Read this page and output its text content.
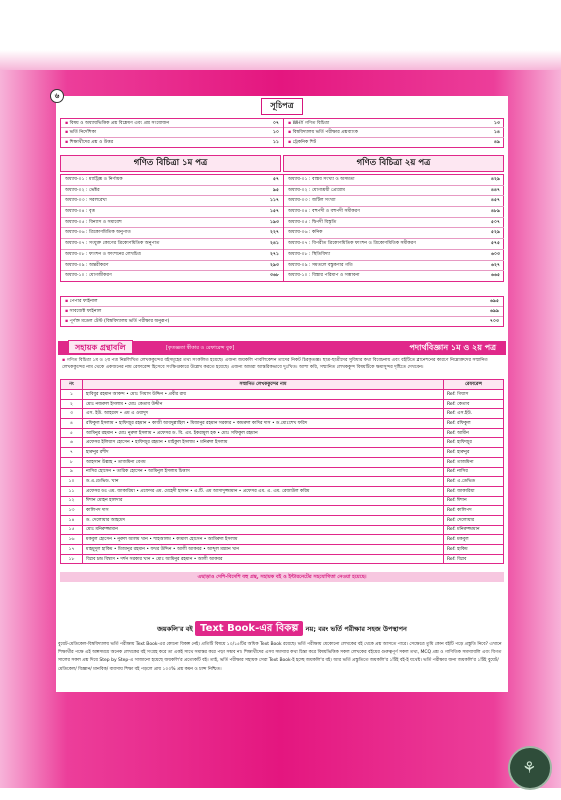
৬
সূচিপত্র
▪ বিষয় ও অধ্যায়ভিত্তিক প্রশ্ন বিশ্লেষণ এবং প্রশ্ন সংযোজন	০৭
▪ ভর্তি নির্দেশিকা	১০
▪ শিক্ষার্থীদের প্রশ্ন ও উত্তর	১১
▪ WHY গণিত বিচিত্রা	১৩
▪ বিশ্ববিদ্যালয় ভর্তি পরীক্ষার প্রশ্নব্যাংক	১৪
▪ ট্রেকনিক শিট	৪৯
গণিত বিচিত্রা ১ম পত্র	গণিত বিচিত্রা ২য় পত্র
অধ্যায়-০১ : ম্যাট্রিক্স ও নির্ণায়ক	৫৭
অধ্যায়-০২ : ভেক্টর	৯৫
অধ্যায়-০৩ : সরলরেখা	১১৭
অধ্যায়-০৪ : বৃত্ত	১৫৭
অধ্যায়-০৫ : বিন্যাস ও সমাবেশ	১৯৩
অধ্যায়-০৬ : ত্রিকোণমিতিক অনুপাত	২২৭
অধ্যায়-০৭ : সংযুক্ত কোণের ত্রিকোণমিতিক অনুপাত	২৪১
অধ্যায়-০৮ : ফাংশন ও ফাংশনের লেখচিত্র	২৭১
অধ্যায়-০৯ : অন্তরীকরণ	২৯৩
অধ্যায়-১০ : যোগজীকরণ	৩৬৮
অধ্যায়-০১ : বাস্তব সংখ্যা ও অসমতা	৪২৯
অধ্যায়-০২ : যোগাশ্রয়ী প্রোগ্রাম	৪৪৭
অধ্যায়-০৩ : জটিল সংখ্যা	৪৫৭
অধ্যায়-০৪ : বহুপদী ও বহুপদী সমীকরণ	৪৮৯
অধ্যায়-০৫ : দ্বিপদী বিস্তৃতি	৫০৭
অধ্যায়-০৬ : কনিক	৫২৯
অধ্যায়-০৭ : বিপরীত ত্রিকোণমিতিক ফাংশন ও ত্রিকোণমিতিক সমীকরণ	৫৭৫
অধ্যায়-০৮ : স্থিতিবিদ্যা	৬০৩
অধ্যায়-০৯ : সমতলে বস্তুকণার গতি	৬২৭
অধ্যায়-১০ : বিস্তার পরিমাপ ও সম্ভাবনা	৬৬৫
▪ পেপার ফাইনাল	৬৯৫
▪ সাবজেক্ট ফাইনাল	৬৯৯
▪ পূর্ণাঙ্গ মডেল টেস্ট (বিশ্ববিদ্যালয় ভর্তি পরীক্ষার অনুরূপ)	৭০৩
সহায়ক গ্রন্থাবলি	[কৃতজ্ঞতা স্বীকার ও রেফারেন্স বুক]	পদার্থবিজ্ঞান ১ম ও ২য় পত্র
▪ গণিত বিচিত্রা ১ম ও ২য় পত্র নিম্নলিখিত লেখককুন্দের বইসমূহের তথ্য সংকলিত হয়েছে। এজন্য জয়কলি পাবলিকেশন তাদের নিকট চিরকৃতজ্ঞ। ছাত্র-ছাত্রীদের সুবিধার কথা বিবেচনায় এবং বইটিতে ব্লানেশনের কারণে নিম্নোক্তদের সম্মানিত লেখককুন্দের নাম থেকে একজনের নাম রেফারেন্স হিসেবে সংক্ষিপ্তকারে উল্লেখ করতে হয়েছে। এজন্য আমরা আন্তরিকভাবে দুঃখিত। আশা করি, সম্মানিত লেখককুন্দ বিষয়টিকে ক্ষমাসুন্দর দৃষ্টিতে দেখবেন।
নং	সম্মানিত লেখককুন্দের নাম	রেফারেন্স
১	হাবিবুর রহমান আকন্দ • মোঃ গিয়াস উদ্দিন • প্রবীর রায়	Ref: গিয়াস
২	মোঃ নজরুল ইসলাম • মোঃ কেতাব উদ্দীন	Ref: কেতাব
৩	এস. ইউ. আহমেদ • এম এ ওয়াদুদ	Ref: এস.ইউ.
৪	রফিকুল ইসলাম • হাফিজুর রহমান • কাজী আবদুল্লাহিল • মিজানুর রহমান সরকার • কামরুল কাদির দাস • ড.মোঃশেখ ফরিদ	Ref: রফিকুল
৫	আমিনুর রহমান • মোঃ নুরুল ইসলাম • প্রফেসর ড. বি. এম. ইকরামুল হক • মোঃ সফিকুল রহমান	Ref: আমীন
৬	প্রফেসর ইলিয়াস হোসেন • হাফিজুর রহমান • মাইকুল ইসলাম • মনিরুল ইসলাম	Ref: হাফিজুর
৭	হারুনুর রশীদ	Ref: হারুনুর
৮	আহসান উল্লাহ • তাজমিনা বেগম	Ref: তাজমিনা
৯	নাসির হোসেন • তারিক হোসেন • আমিনুল ইসলাম চিত্তাস	Ref: নাসির
১০	ড.এ.ডেভিড. খান	Ref: এ.ডেভিড
১১	প্রফেসর ডঃ এম. জাকারিয়া • প্রফেসর এম. মেহেদী হাসান • এ.টি. এম আসাদুজ্জামান • প্রফেসর এম. এ. এম. রেজাউল করিম	Ref: জাকারিয়া
১২	ঈশান মোহন হালদার	Ref: ঈশান
১৩	কালিপদ দাস	Ref: কালিপদ
১৪	ড. দেলোয়ার আহমেদ	Ref: দেলোয়ার
১৫	মোঃ মনিরুজ্জামান	Ref: মনিরুজ্জামান
১৬	মকবুল হোসেন • নুরুল আলম খান • শাহআলম • কামাল হোসেন • আমিরুল ইসলাম	Ref: মকবুল
১৭	মাহমুদুল হাকিম • মিজানুর রহমান • ফখর উদ্দিন • আলী আকবর • আব্দুল মান্নান খান	Ref: হাকিম
১৮	বিপ্লব চন্দ্র বিশ্বাস • দর্শন সরকার খান • মোঃ আমিনুর রহমান • আলী আকবর	Ref: বিপ্লব
এছাড়াও দেশি-বিদেশি বহু গ্রন্থ, সহায়ক বই ও ইন্টারনেটের সহযোগিতা নেওয়া হয়েছে।
জয়কলি'র বই Text Book-এর বিকল্প নয়; বরং ভর্তি পরীক্ষার সহজ উপস্থাপন
বুয়েট-মেডিকেল-বিশ্ববিদ্যালয় ভর্তি পরীক্ষায় Text Book-এর কোনো বিকল্প নেই। প্রতিটি বিষয়ে ১০/১৫টির অধিক Text Book রয়েছে। ভর্তি পরীক্ষায় যেকোনো লেখকের বই থেকে প্রশ্ন আসতে পারে। সেক্ষেত্রে তুমি কোন বইটি পড়ে প্রস্তুতি নিবে? এখানে শিক্ষার্থীর পক্ষে এই অল্পসময়ে অনেক লেখকের বই সংগ্রহ করে তা একই সাথে সমান্তর করে পড়া সম্ভব না। শিক্ষার্থীদের এসব সমস্যার কথা চিন্তা করে বিষয়ভিত্তিক সকল লেখকের বইয়ের গুরুত্বপূর্ণ সকল তথ্য, MCQ প্রশ্ন ও গাণিতিক সমস্যাবলি এবং বিগত সালের সকল প্রশ্ন দিয়ে Step by Step-এ সাজানো হয়েছে জয়কলি'র প্রত্যেকটি বই। তাই, ভর্তি পরীক্ষার সহায়ক সেরা Text Book-ই হচ্ছে জয়কলি'র বই। আর ভর্তি প্রস্তুতিতে জয়কলি'র ১টিই বই-ই যথেষ্ট। ভর্তি পরীক্ষার জন্য জয়কলি'র ১টিই বুয়েট/ মেডিকেল/ বিজ্ঞান/ মানবিক/ ব্যবসায় শিক্ষা বই পড়লে প্রায় ১০০% প্রশ্ন কমন ও চান্স নিশ্চিত।
⚘
